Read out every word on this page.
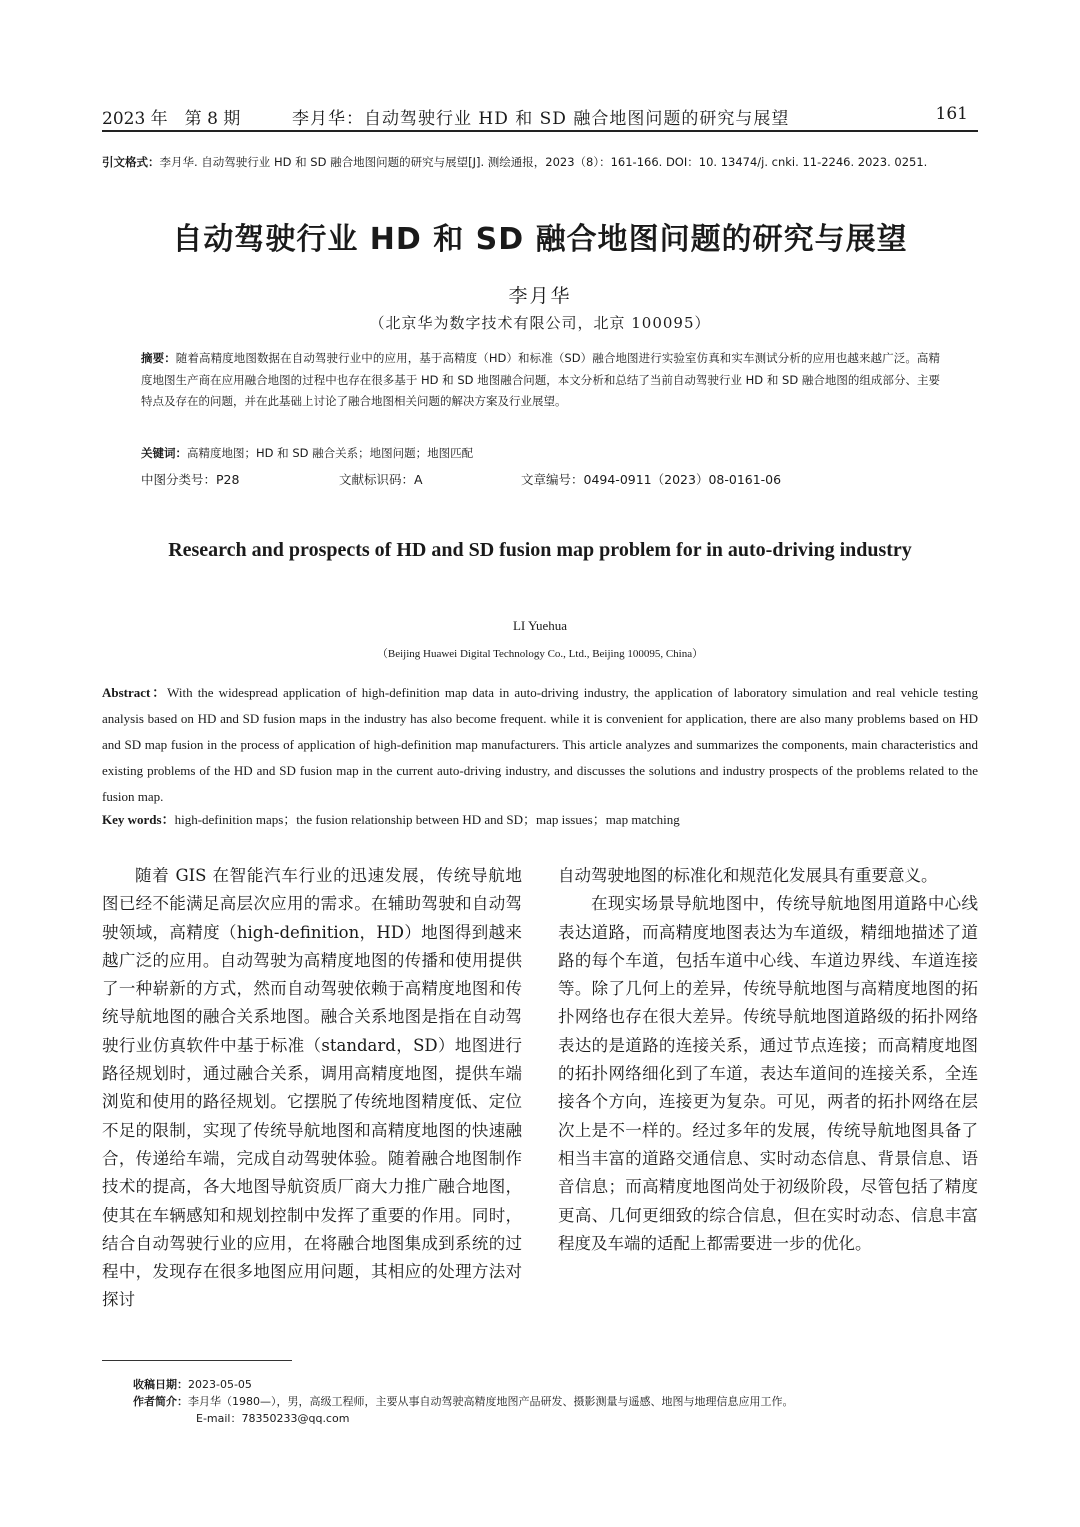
2023 年　第 8 期	李月华：自动驾驶行业 HD 和 SD 融合地图问题的研究与展望	161
引文格式：李月华. 自动驾驶行业 HD 和 SD 融合地图问题的研究与展望[J]. 测绘通报，2023（8）：161-166. DOI：10. 13474/j. cnki. 11-2246. 2023. 0251.
自动驾驶行业 HD 和 SD 融合地图问题的研究与展望
李月华
（北京华为数字技术有限公司，北京 100095）
摘要：随着高精度地图数据在自动驾驶行业中的应用，基于高精度（HD）和标准（SD）融合地图进行实验室仿真和实车测试分析的应用也越来越广泛。高精度地图生产商在应用融合地图的过程中也存在很多基于 HD 和 SD 地图融合问题，本文分析和总结了当前自动驾驶行业 HD 和 SD 融合地图的组成部分、主要特点及存在的问题，并在此基础上讨论了融合地图相关问题的解决方案及行业展望。
关键词：高精度地图；HD 和 SD 融合关系；地图问题；地图匹配
中图分类号：P28	文献标识码：A	文章编号：0494-0911（2023）08-0161-06
Research and prospects of HD and SD fusion map problem for in auto-driving industry
LI Yuehua
（Beijing Huawei Digital Technology Co., Ltd., Beijing 100095, China）
Abstract：With the widespread application of high-definition map data in auto-driving industry, the application of laboratory simulation and real vehicle testing analysis based on HD and SD fusion maps in the industry has also become frequent. while it is convenient for application, there are also many problems based on HD and SD map fusion in the process of application of high-definition map manufacturers. This article analyzes and summarizes the components, main characteristics and existing problems of the HD and SD fusion map in the current auto-driving industry, and discusses the solutions and industry prospects of the problems related to the fusion map.
Key words：high-definition maps；the fusion relationship between HD and SD；map issues；map matching

随着 GIS 在智能汽车行业的迅速发展，传统导航地图已经不能满足高层次应用的需求。在辅助驾驶和自动驾驶领域，高精度（high-definition，HD）地图得到越来越广泛的应用。自动驾驶为高精度地图的传播和使用提供了一种崭新的方式，然而自动驾驶依赖于高精度地图和传统导航地图的融合关系地图。融合关系地图是指在自动驾驶行业仿真软件中基于标准（standard，SD）地图进行路径规划时，通过融合关系，调用高精度地图，提供车端浏览和使用的路径规划。它摆脱了传统地图精度低、定位不足的限制，实现了传统导航地图和高精度地图的快速融合，传递给车端，完成自动驾驶体验。随着融合地图制作技术的提高，各大地图导航资质厂商大力推广融合地图，使其在车辆感知和规划控制中发挥了重要的作用。同时，结合自动驾驶行业的应用，在将融合地图集成到系统的过程中，发现存在很多地图应用问题，其相应的处理方法对探讨

自动驾驶地图的标准化和规范化发展具有重要意义。

在现实场景导航地图中，传统导航地图用道路中心线表达道路，而高精度地图表达为车道级，精细地描述了道路的每个车道，包括车道中心线、车道边界线、车道连接等。除了几何上的差异，传统导航地图与高精度地图的拓扑网络也存在很大差异。传统导航地图道路级的拓扑网络表达的是道路的连接关系，通过节点连接；而高精度地图的拓扑网络细化到了车道，表达车道间的连接关系，全连接各个方向，连接更为复杂。可见，两者的拓扑网络在层次上是不一样的。经过多年的发展，传统导航地图具备了相当丰富的道路交通信息、实时动态信息、背景信息、语音信息；而高精度地图尚处于初级阶段，尽管包括了精度更高、几何更细致的综合信息，但在实时动态、信息丰富程度及车端的适配上都需要进一步的优化。

收稿日期：2023-05-05
作者简介：李月华（1980—），男，高级工程师，主要从事自动驾驶高精度地图产品研发、摄影测量与遥感、地图与地理信息应用工作。
E-mail：78350233@qq.com
